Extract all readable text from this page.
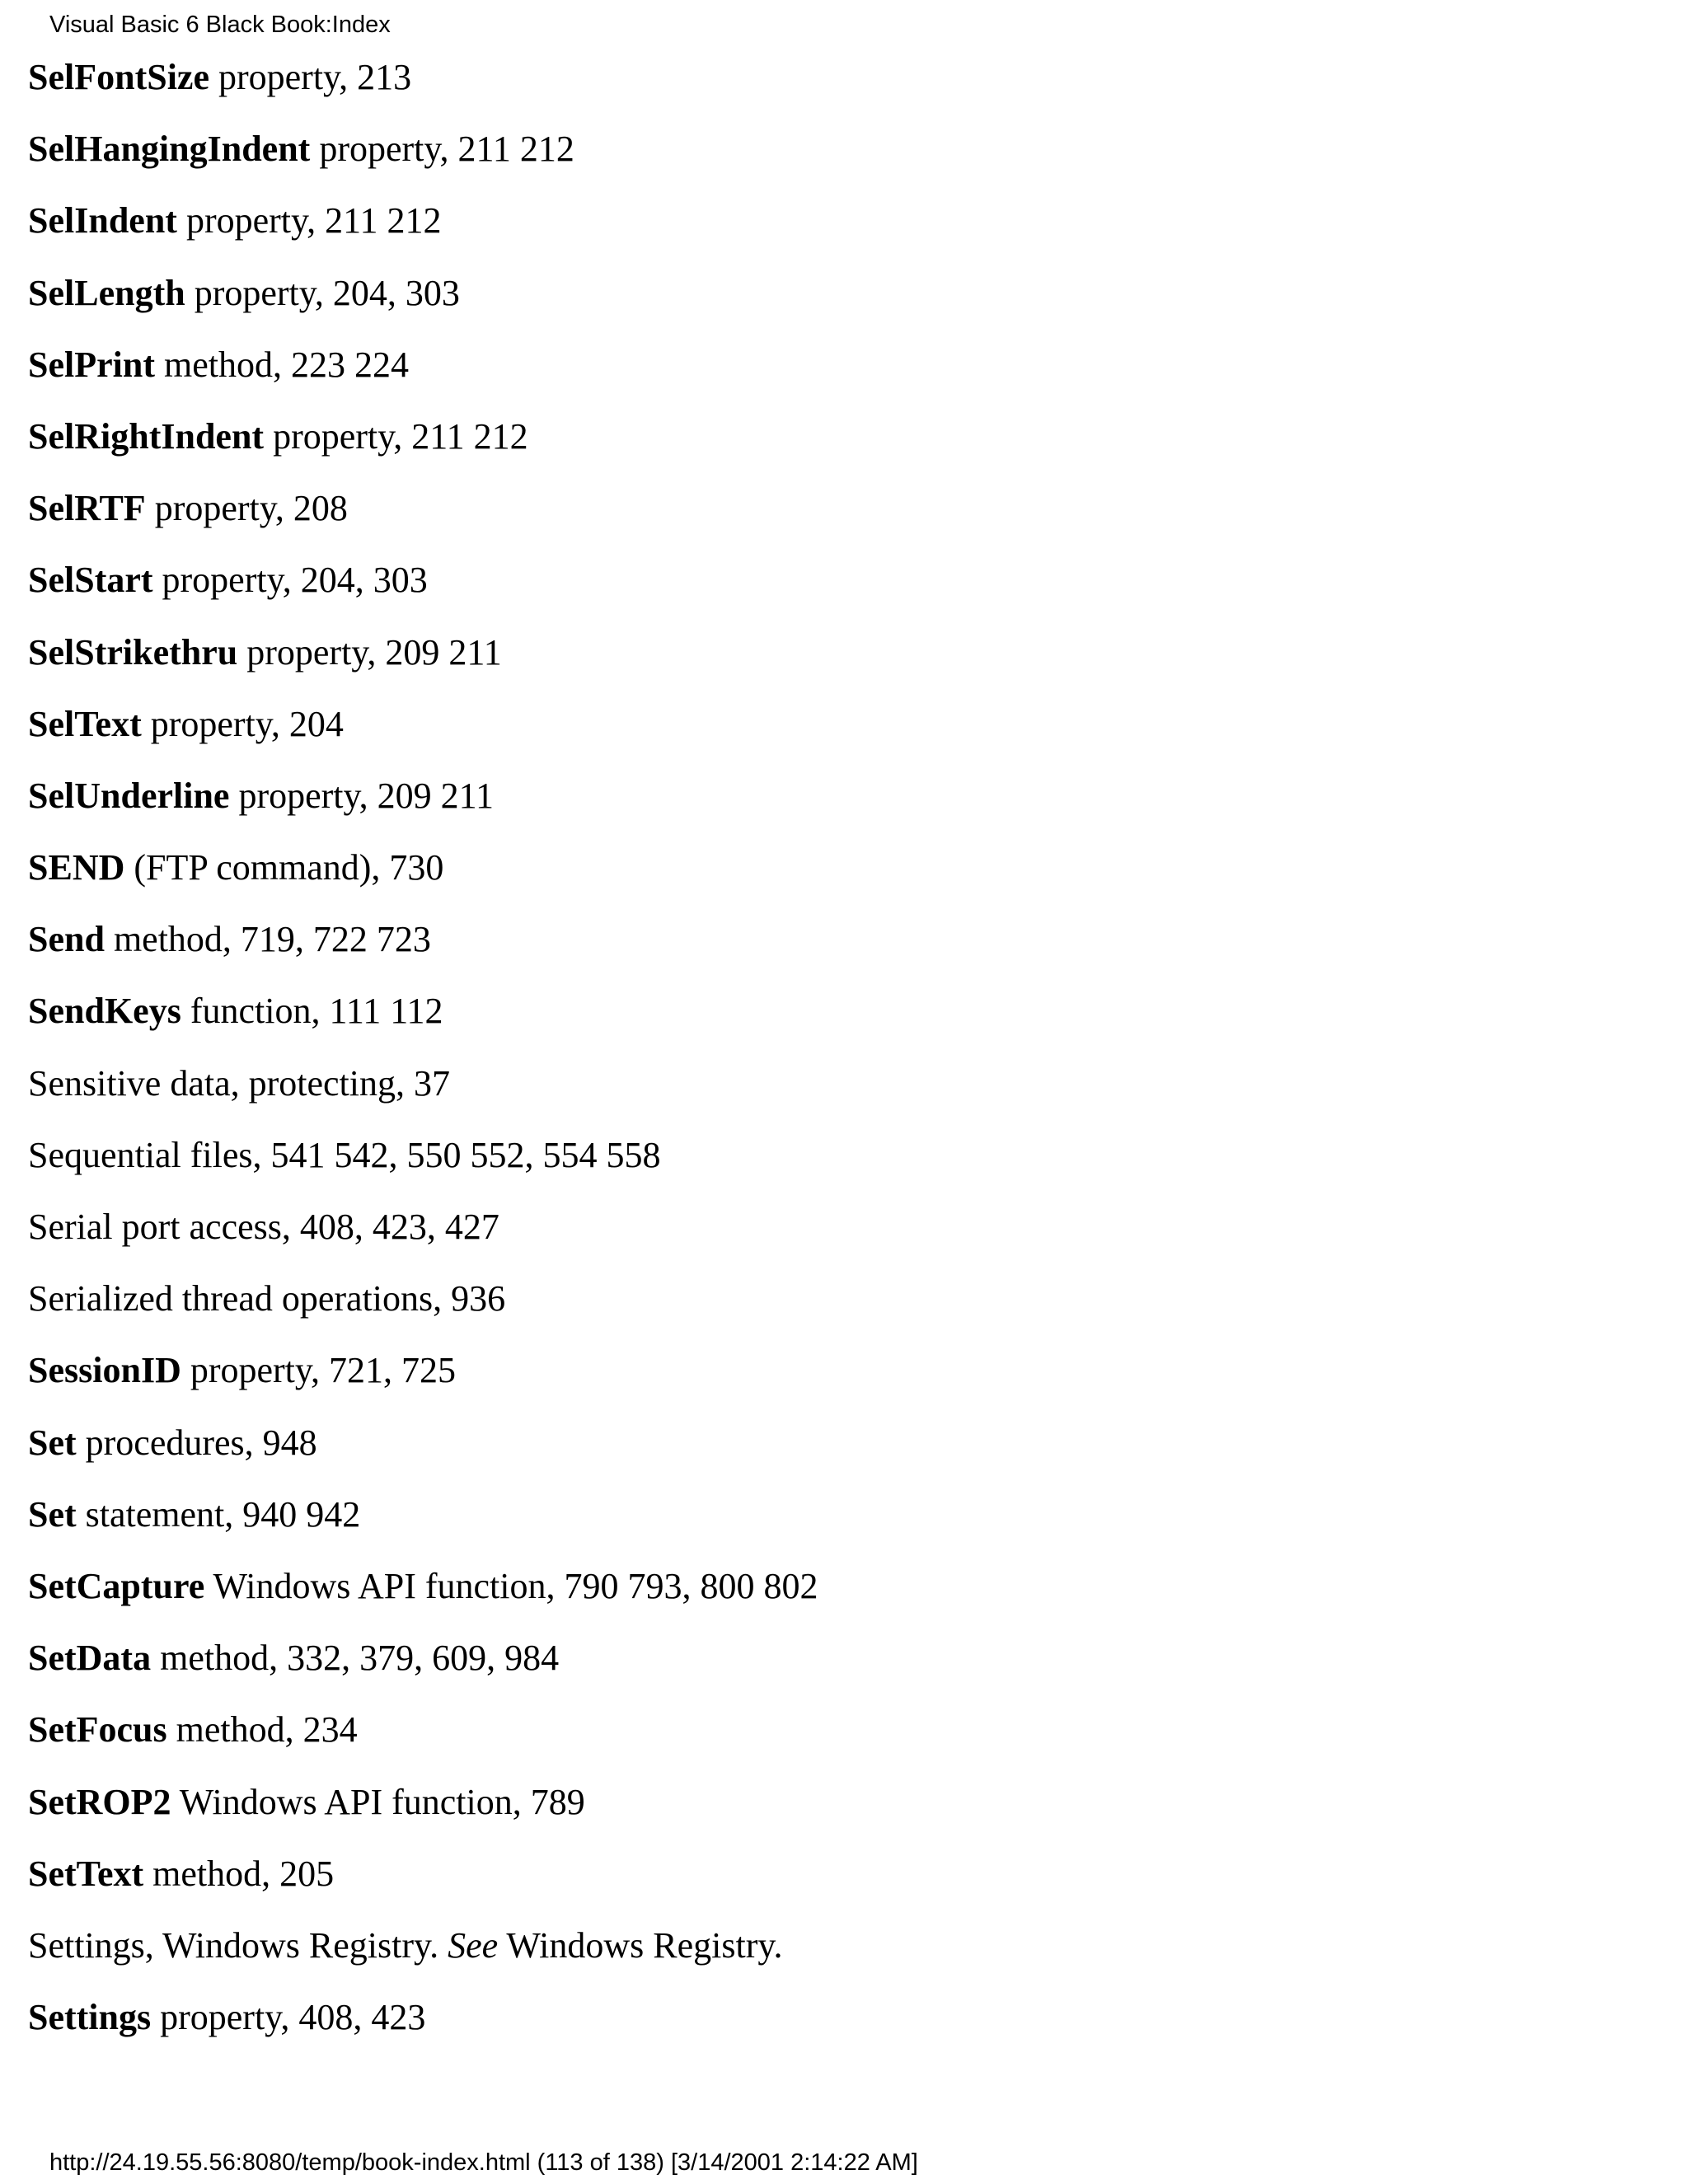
Visual Basic 6 Black Book:Index
SelFontSize property, 213
SelHangingIndent property, 211 212
SelIndent property, 211 212
SelLength property, 204, 303
SelPrint method, 223 224
SelRightIndent property, 211 212
SelRTF property, 208
SelStart property, 204, 303
SelStrikethru property, 209 211
SelText property, 204
SelUnderline property, 209 211
SEND (FTP command), 730
Send method, 719, 722 723
SendKeys function, 111 112
Sensitive data, protecting, 37
Sequential files, 541 542, 550 552, 554 558
Serial port access, 408, 423, 427
Serialized thread operations, 936
SessionID property, 721, 725
Set procedures, 948
Set statement, 940 942
SetCapture Windows API function, 790 793, 800 802
SetData method, 332, 379, 609, 984
SetFocus method, 234
SetROP2 Windows API function, 789
SetText method, 205
Settings, Windows Registry. See Windows Registry.
Settings property, 408, 423
http://24.19.55.56:8080/temp/book-index.html (113 of 138) [3/14/2001 2:14:22 AM]
